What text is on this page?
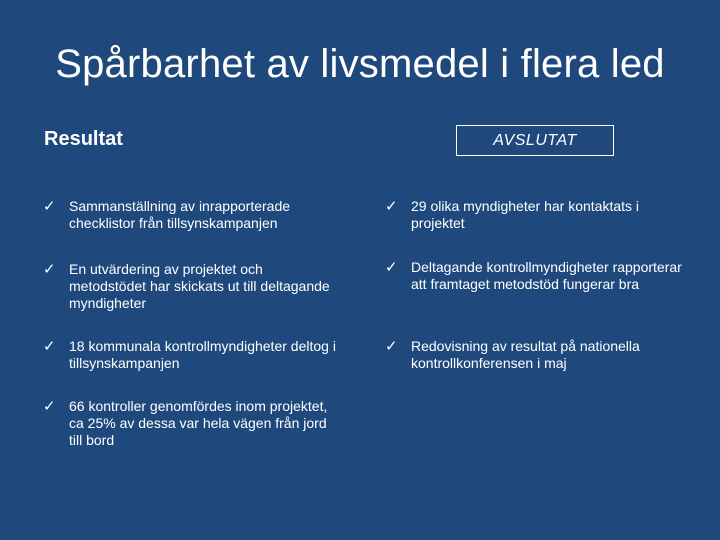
Spårbarhet av livsmedel i flera led
Resultat	AVSLUTAT
✓ Sammanställning av inrapporterade checklistor från tillsynskampanjen
✓ En utvärdering av projektet och metodstödet har skickats ut till deltagande myndigheter
✓ 18 kommunala kontrollmyndigheter deltog i tillsynskampanjen
✓ 66 kontroller genomfördes inom projektet, ca 25% av dessa var hela vägen från jord till bord
✓ 29 olika myndigheter har kontaktats i projektet
✓ Deltagande kontrollmyndigheter rapporterar att framtaget metodstöd fungerar bra
✓ Redovisning av resultat på nationella kontrollkonferensen i maj
